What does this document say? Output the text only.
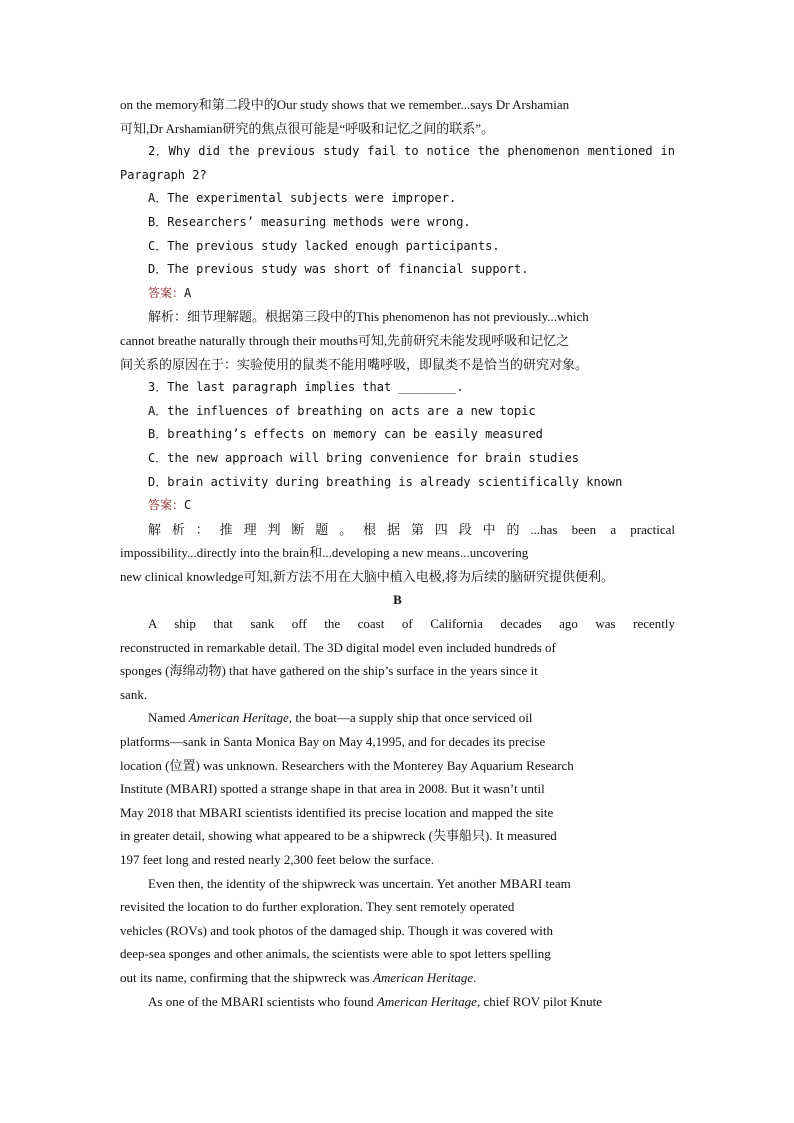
on the memory和第二段中的Our study shows that we remember...says Dr Arshamian
可知,Dr Arshamian研究的焦点很可能是“呼吸和记忆之间的联系”。
2．Why did the previous study fail to notice the phenomenon mentioned in
Paragraph 2?
A．The experimental subjects were improper.
B．Researchers’ measuring methods were wrong.
C．The previous study lacked enough participants.
D．The previous study was short of financial support.
答案：A
解析：细节理解题。根据第三段中的This phenomenon has not previously...which
cannot breathe naturally through their mouths可知,先前研究未能发现呼吸和记忆之
间关系的原因在于：实验使用的鼠类不能用嘴呼吸，即鼠类不是恰当的研究对象。
3．The last paragraph implies that ________.
A．the influences of breathing on acts are a new topic
B．breathing’s effects on memory can be easily measured
C．the new approach will bring convenience for brain studies
D．brain activity during breathing is already scientifically known
答案：C
解析：推理判断题。根据第四段中的...has been a practical
impossibility...directly into the brain和...developing a new means...uncovering
new clinical knowledge可知,新方法不用在大脑中植入电极,将为后续的脑研究提供便利。
B
A ship that sank off the coast of California decades ago was recently
reconstructed in remarkable detail. The 3D digital model even included hundreds of
sponges (海绵动物) that have gathered on the ship’s surface in the years since it
sank.
Named American Heritage, the boat—a supply ship that once serviced oil
platforms—sank in Santa Monica Bay on May 4,1995, and for decades its precise
location (位置) was unknown. Researchers with the Monterey Bay Aquarium Research
Institute (MBARI) spotted a strange shape in that area in 2008. But it wasn’t until
May 2018 that MBARI scientists identified its precise location and mapped the site
in greater detail, showing what appeared to be a shipwreck (失事船只). It measured
197 feet long and rested nearly 2,300 feet below the surface.
Even then, the identity of the shipwreck was uncertain. Yet another MBARI team
revisited the location to do further exploration. They sent remotely operated
vehicles (ROVs) and took photos of the damaged ship. Though it was covered with
deep-sea sponges and other animals, the scientists were able to spot letters spelling
out its name, confirming that the shipwreck was American Heritage.
As one of the MBARI scientists who found American Heritage, chief ROV pilot Knute
